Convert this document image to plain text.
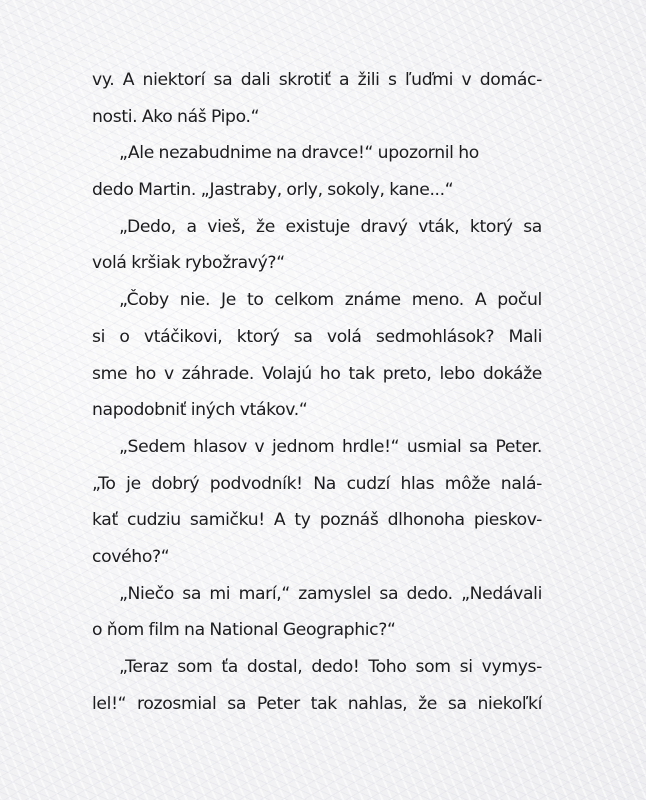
vy. A niektorí sa dali skrotiť a žili s ľuďmi v domác-
nosti. Ako náš Pipo.“
„Ale nezabudnime na dravce!“ upozornil ho
dedo Martin. „Jastraby, orly, sokoly, kane...“
„Dedo, a vieš, že existuje dravý vták, ktorý sa
volá kršiak rybožravý?“
„Čoby nie. Je to celkom známe meno. A počul
si o vtáčikovi, ktorý sa volá sedmohlások? Mali
sme ho v záhrade. Volajú ho tak preto, lebo dokáže
napodobniť iných vtákov.“
„Sedem hlasov v jednom hrdle!“ usmial sa Peter.
„To je dobrý podvodník! Na cudzí hlas môže nalá-
kať cudziu samičku! A ty poznáš dlhonoha pieskov-
cového?“
„Niečo sa mi marí,“ zamyslel sa dedo. „Nedávali
o ňom film na National Geographic?“
„Teraz som ťa dostal, dedo! Toho som si vymys-
lel!“ rozosmial sa Peter tak nahlas, že sa niekoľkí
